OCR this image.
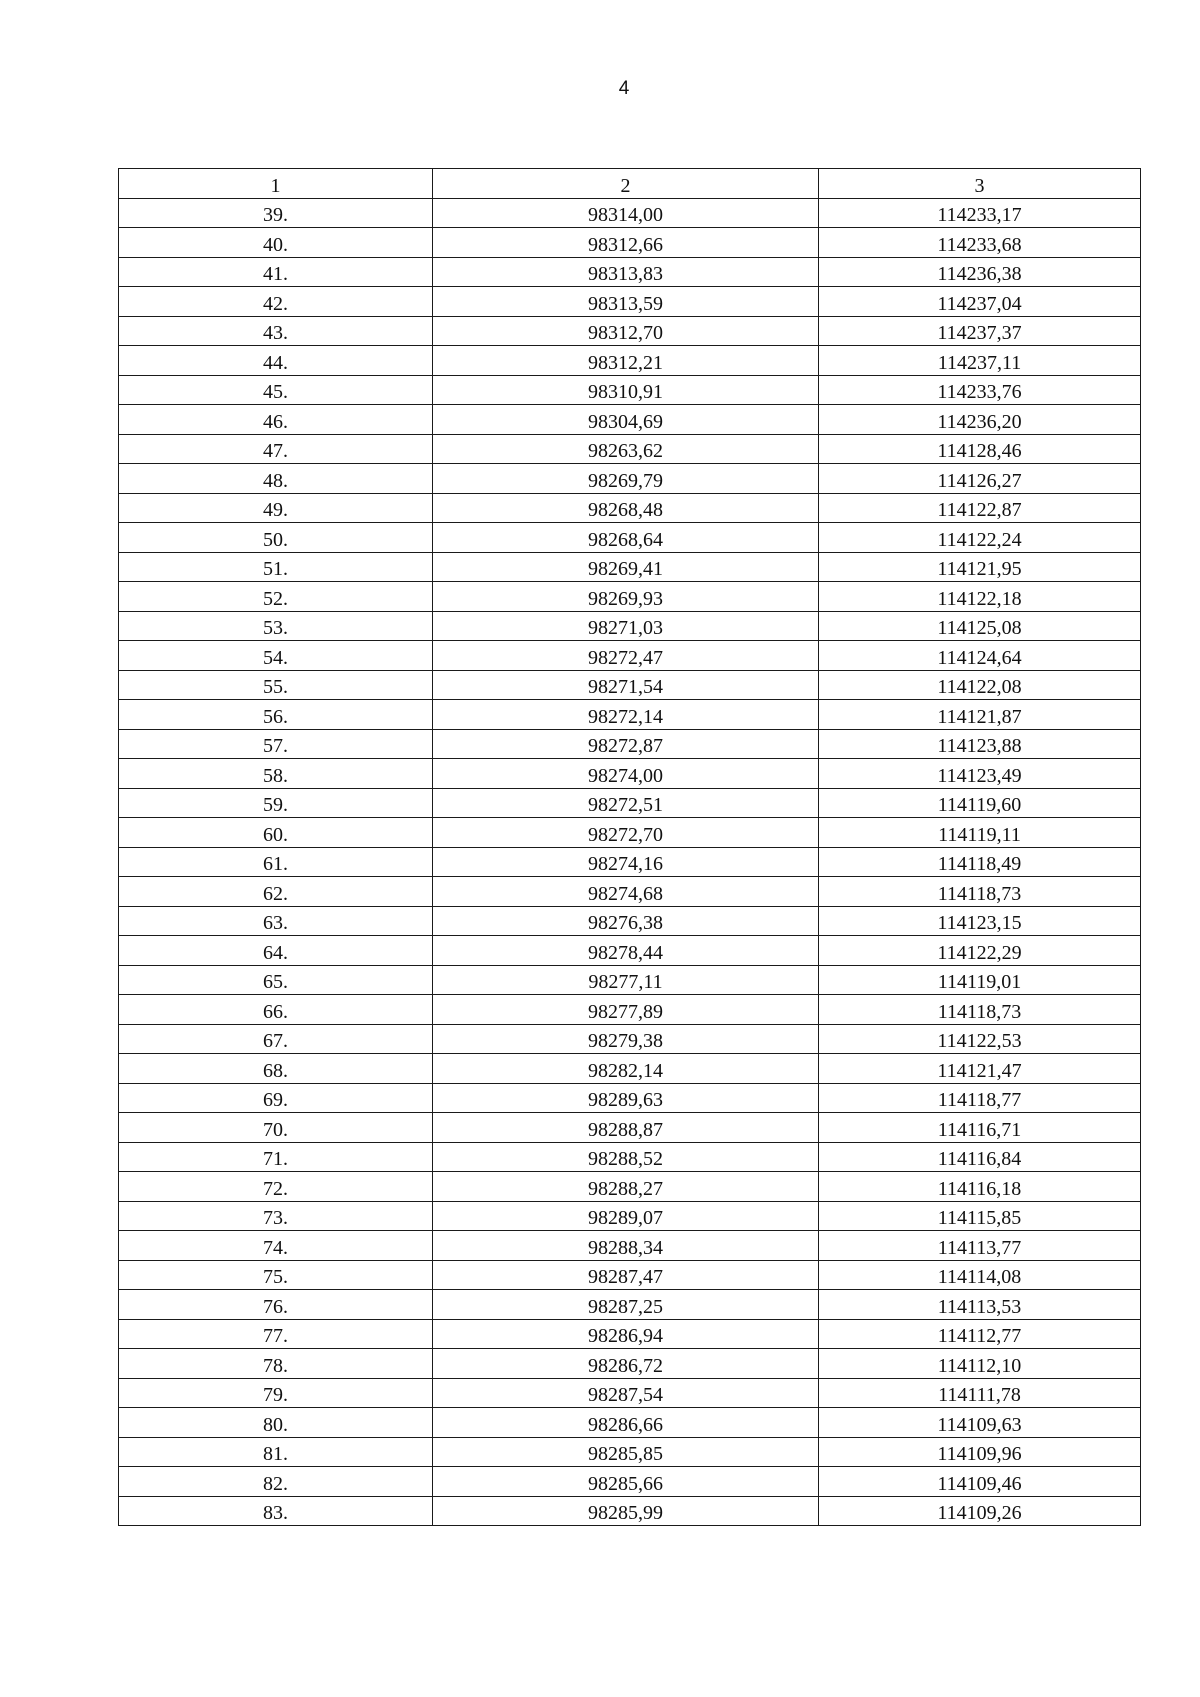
4
1	2	3
39.	98314,00	114233,17
40.	98312,66	114233,68
41.	98313,83	114236,38
42.	98313,59	114237,04
43.	98312,70	114237,37
44.	98312,21	114237,11
45.	98310,91	114233,76
46.	98304,69	114236,20
47.	98263,62	114128,46
48.	98269,79	114126,27
49.	98268,48	114122,87
50.	98268,64	114122,24
51.	98269,41	114121,95
52.	98269,93	114122,18
53.	98271,03	114125,08
54.	98272,47	114124,64
55.	98271,54	114122,08
56.	98272,14	114121,87
57.	98272,87	114123,88
58.	98274,00	114123,49
59.	98272,51	114119,60
60.	98272,70	114119,11
61.	98274,16	114118,49
62.	98274,68	114118,73
63.	98276,38	114123,15
64.	98278,44	114122,29
65.	98277,11	114119,01
66.	98277,89	114118,73
67.	98279,38	114122,53
68.	98282,14	114121,47
69.	98289,63	114118,77
70.	98288,87	114116,71
71.	98288,52	114116,84
72.	98288,27	114116,18
73.	98289,07	114115,85
74.	98288,34	114113,77
75.	98287,47	114114,08
76.	98287,25	114113,53
77.	98286,94	114112,77
78.	98286,72	114112,10
79.	98287,54	114111,78
80.	98286,66	114109,63
81.	98285,85	114109,96
82.	98285,66	114109,46
83.	98285,99	114109,26
